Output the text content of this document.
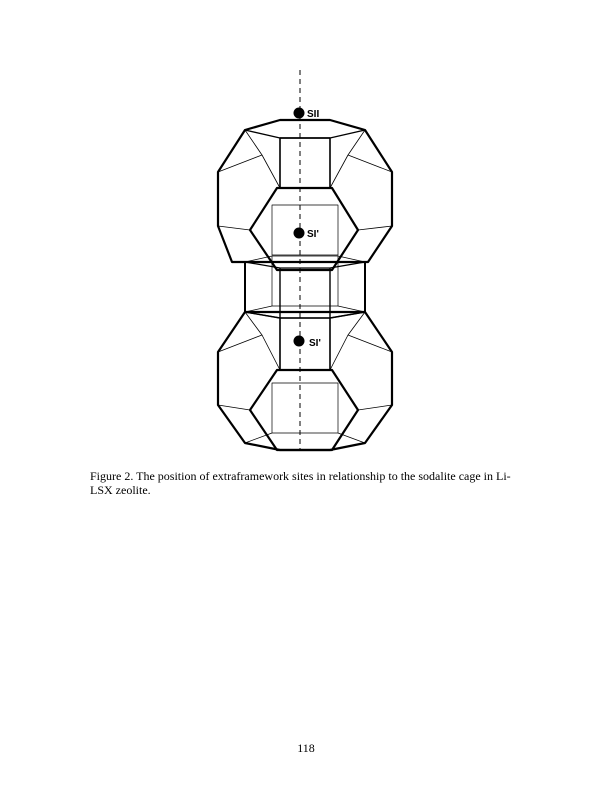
SII
SI'
SI'

Figure 2. The position of extraframework sites in relationship to the sodalite cage in Li-LSX zeolite.

118
